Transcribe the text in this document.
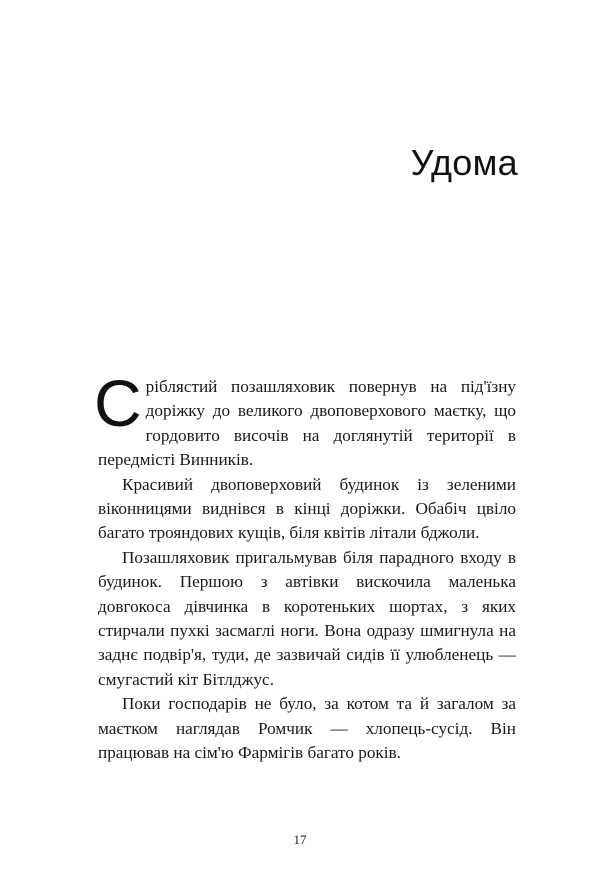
Удома

Сріблястий позашляховик повернув на під'їзну доріжку до великого двоповерхового маєтку, що гордовито височів на доглянутій території в передмісті Винників.

Красивий двоповерховий будинок із зеленими віконницями виднівся в кінці доріжки. Обабіч цвіло багато трояндових кущів, біля квітів літали бджоли.

Позашляховик пригальмував біля парадного входу в будинок. Першою з автівки вискочила маленька довгокоса дівчинка в коротеньких шортах, з яких стирчали пухкі засмаглі ноги. Вона одразу шмигнула на заднє подвір'я, туди, де зазвичай сидів її улюбленець — смугастий кіт Бітлджус.

Поки господарів не було, за котом та й загалом за маєтком наглядав Ромчик — хлопець-сусід. Він працював на сім'ю Фармігів багато років.

17
